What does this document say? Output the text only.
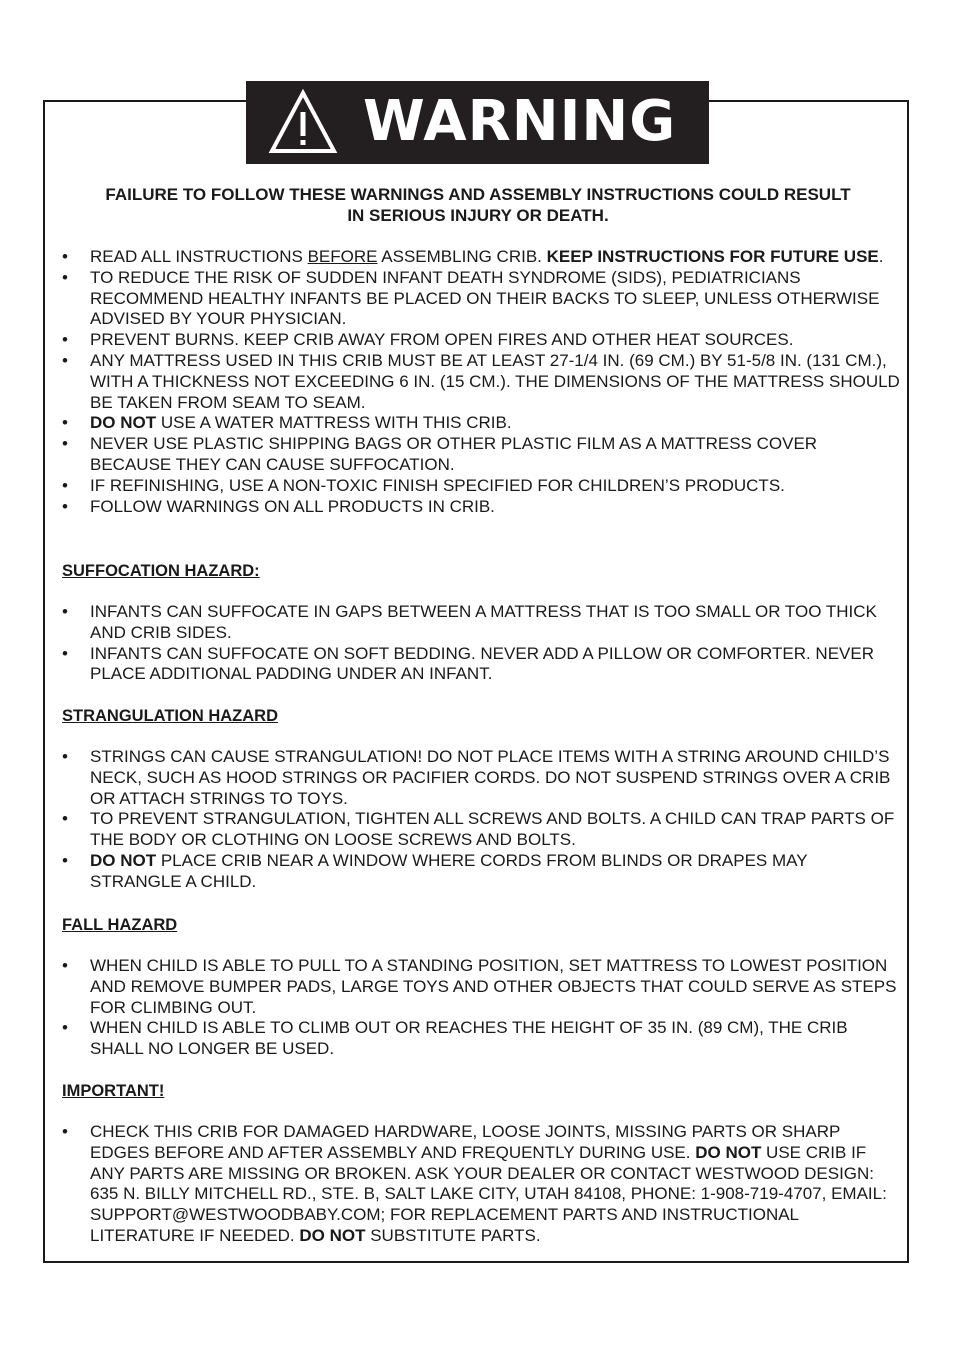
WARNING
FAILURE TO FOLLOW THESE WARNINGS AND ASSEMBLY INSTRUCTIONS COULD RESULT
IN SERIOUS INJURY OR DEATH.
• READ ALL INSTRUCTIONS BEFORE ASSEMBLING CRIB. KEEP INSTRUCTIONS FOR FUTURE USE.
• TO REDUCE THE RISK OF SUDDEN INFANT DEATH SYNDROME (SIDS), PEDIATRICIANS RECOMMEND HEALTHY INFANTS BE PLACED ON THEIR BACKS TO SLEEP, UNLESS OTHERWISE ADVISED BY YOUR PHYSICIAN.
• PREVENT BURNS. KEEP CRIB AWAY FROM OPEN FIRES AND OTHER HEAT SOURCES.
• ANY MATTRESS USED IN THIS CRIB MUST BE AT LEAST 27-1/4 IN. (69 CM.) BY 51-5/8 IN. (131 CM.), WITH A THICKNESS NOT EXCEEDING 6 IN. (15 CM.). THE DIMENSIONS OF THE MATTRESS SHOULD BE TAKEN FROM SEAM TO SEAM.
• DO NOT USE A WATER MATTRESS WITH THIS CRIB.
• NEVER USE PLASTIC SHIPPING BAGS OR OTHER PLASTIC FILM AS A MATTRESS COVER BECAUSE THEY CAN CAUSE SUFFOCATION.
• IF REFINISHING, USE A NON-TOXIC FINISH SPECIFIED FOR CHILDREN’S PRODUCTS.
• FOLLOW WARNINGS ON ALL PRODUCTS IN CRIB.
SUFFOCATION HAZARD:
• INFANTS CAN SUFFOCATE IN GAPS BETWEEN A MATTRESS THAT IS TOO SMALL OR TOO THICK AND CRIB SIDES.
• INFANTS CAN SUFFOCATE ON SOFT BEDDING. NEVER ADD A PILLOW OR COMFORTER. NEVER PLACE ADDITIONAL PADDING UNDER AN INFANT.
STRANGULATION HAZARD
• STRINGS CAN CAUSE STRANGULATION! DO NOT PLACE ITEMS WITH A STRING AROUND CHILD’S NECK, SUCH AS HOOD STRINGS OR PACIFIER CORDS. DO NOT SUSPEND STRINGS OVER A CRIB OR ATTACH STRINGS TO TOYS.
• TO PREVENT STRANGULATION, TIGHTEN ALL SCREWS AND BOLTS. A CHILD CAN TRAP PARTS OF THE BODY OR CLOTHING ON LOOSE SCREWS AND BOLTS.
• DO NOT PLACE CRIB NEAR A WINDOW WHERE CORDS FROM BLINDS OR DRAPES MAY STRANGLE A CHILD.
FALL HAZARD
• WHEN CHILD IS ABLE TO PULL TO A STANDING POSITION, SET MATTRESS TO LOWEST POSITION AND REMOVE BUMPER PADS, LARGE TOYS AND OTHER OBJECTS THAT COULD SERVE AS STEPS FOR CLIMBING OUT.
• WHEN CHILD IS ABLE TO CLIMB OUT OR REACHES THE HEIGHT OF 35 IN. (89 CM), THE CRIB SHALL NO LONGER BE USED.
IMPORTANT!
• CHECK THIS CRIB FOR DAMAGED HARDWARE, LOOSE JOINTS, MISSING PARTS OR SHARP EDGES BEFORE AND AFTER ASSEMBLY AND FREQUENTLY DURING USE. DO NOT USE CRIB IF ANY PARTS ARE MISSING OR BROKEN. ASK YOUR DEALER OR CONTACT WESTWOOD DESIGN: 635 N. BILLY MITCHELL RD., STE. B, SALT LAKE CITY, UTAH 84108, PHONE: 1-908-719-4707, EMAIL: SUPPORT@WESTWOODBABY.COM; FOR REPLACEMENT PARTS AND INSTRUCTIONAL LITERATURE IF NEEDED. DO NOT SUBSTITUTE PARTS.
